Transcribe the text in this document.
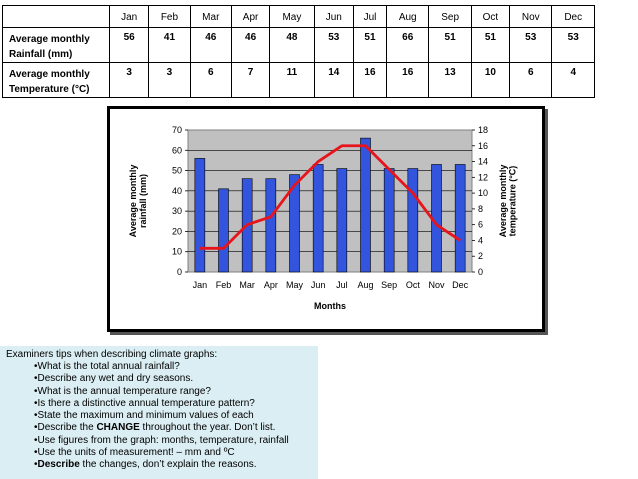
	Jan	Feb	Mar	Apr	May	Jun	Jul	Aug	Sep	Oct	Nov	Dec

Average monthly
Rainfall (mm)	56	41	46	46	48	53	51	66	51	51	53	53

Average monthly
Temperature (°C)	3	3	6	7	11	14	16	16	13	10	6	4
0
10
20
30
40
50
60
70
0
2
4
6
8
10
12
14
16
18
Jan Feb Mar Apr May Jun Jul Aug Sep Oct Nov Dec
Months
Average monthlyrainfall (mm)	Average monthlytemperature (°C)
Examiners tips when describing climate graphs:
• What is the total annual rainfall?
• Describe any wet and dry seasons.
• What is the annual temperature range?
• Is there a distinctive annual temperature pattern?
• State the maximum and minimum values of each
• Describe the CHANGE throughout the year. Don’t list.
• Use figures from the graph: months, temperature, rainfall
• Use the units of measurement! – mm and ºC
• Describe the changes, don’t explain the reasons.
